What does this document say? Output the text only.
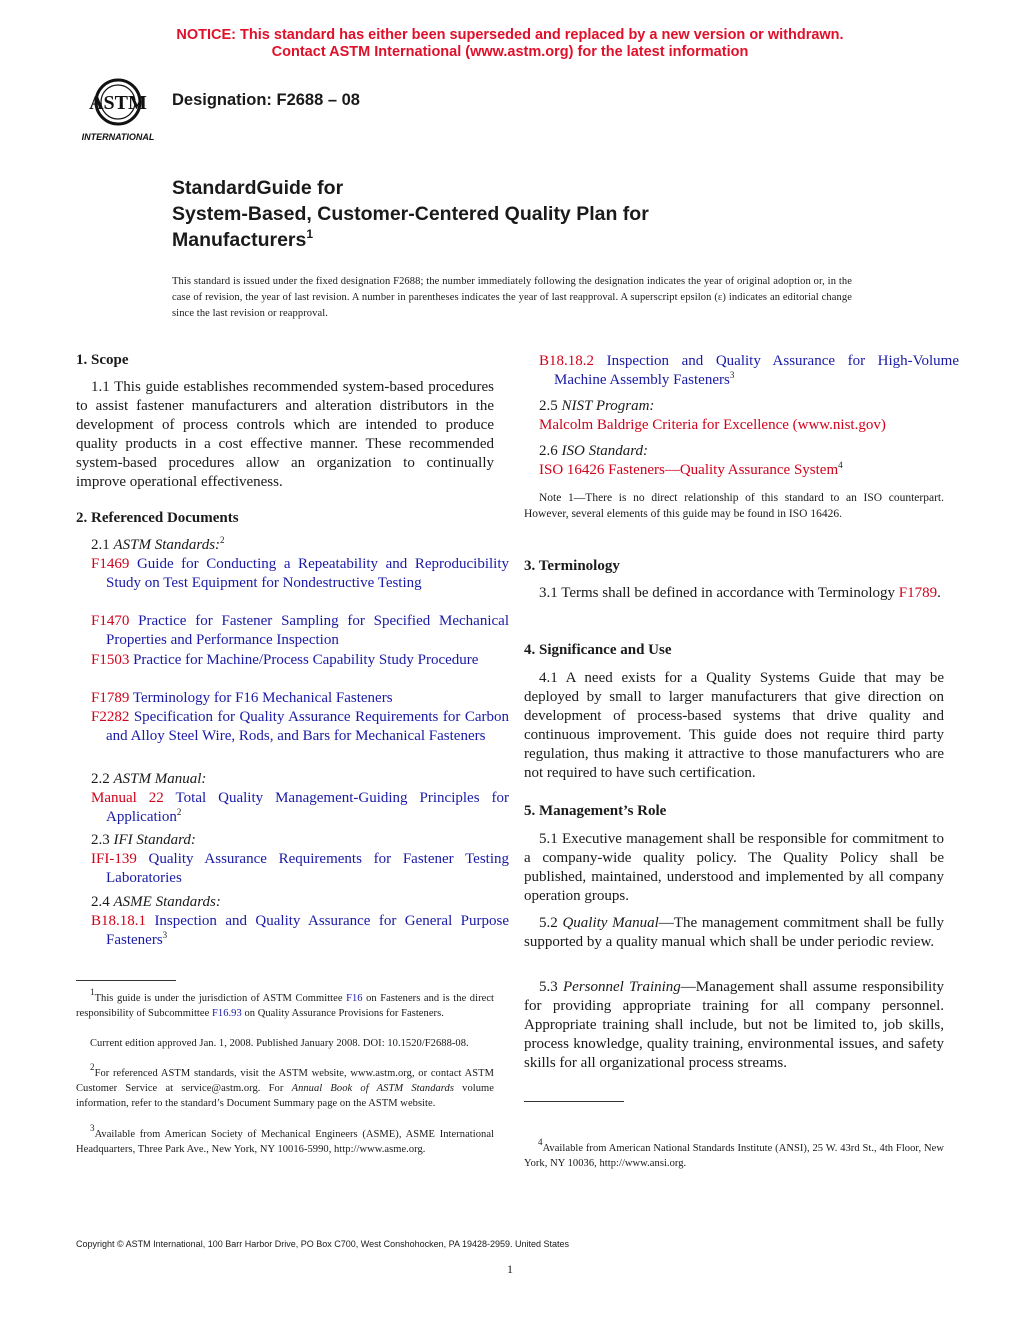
NOTICE: This standard has either been superseded and replaced by a new version or withdrawn.
Contact ASTM International (www.astm.org) for the latest information
ASTM
INTERNATIONAL
Designation: F2688 – 08
StandardGuide for
System-Based, Customer-Centered Quality Plan for
Manufacturers$^1$
This standard is issued under the fixed designation F2688; the number immediately following the designation indicates the year of original adoption or, in the case of revision, the year of last revision. A number in parentheses indicates the year of last reapproval. A superscript epsilon (ε) indicates an editorial change since the last revision or reapproval.
1. Scope
1.1 This guide establishes recommended system-based procedures to assist fastener manufacturers and alteration distributors in the development of process controls which are intended to produce quality products in a cost effective manner. These recommended system-based procedures allow an organization to continually improve operational effectiveness.
2. Referenced Documents
2.1 ASTM Standards:$^2$
F1469 Guide for Conducting a Repeatability and Reproducibility Study on Test Equipment for Nondestructive Testing
F1470 Practice for Fastener Sampling for Specified Mechanical Properties and Performance Inspection
F1503 Practice for Machine/Process Capability Study Procedure
F1789 Terminology for F16 Mechanical Fasteners
F2282 Specification for Quality Assurance Requirements for Carbon and Alloy Steel Wire, Rods, and Bars for Mechanical Fasteners
2.2 ASTM Manual:
Manual 22 Total Quality Management-Guiding Principles for Application$^2$
2.3 IFI Standard:
IFI-139 Quality Assurance Requirements for Fastener Testing Laboratories
2.4 ASME Standards:
B18.18.1 Inspection and Quality Assurance for General Purpose Fasteners$^3$
$^1$This guide is under the jurisdiction of ASTM Committee F16 on Fasteners and is the direct responsibility of Subcommittee F16.93 on Quality Assurance Provisions for Fasteners.
Current edition approved Jan. 1, 2008. Published January 2008. DOI: 10.1520/F2688-08.
$^2$For referenced ASTM standards, visit the ASTM website, www.astm.org, or contact ASTM Customer Service at service@astm.org. For Annual Book of ASTM Standards volume information, refer to the standard’s Document Summary page on the ASTM website.
$^3$Available from American Society of Mechanical Engineers (ASME), ASME International Headquarters, Three Park Ave., New York, NY 10016-5990, http://www.asme.org.
B18.18.2 Inspection and Quality Assurance for High-Volume Machine Assembly Fasteners$^3$
2.5 NIST Program:
Malcolm Baldrige Criteria for Excellence (www.nist.gov)
2.6 ISO Standard:
ISO 16426 Fasteners—Quality Assurance System$^4$
Note 1—There is no direct relationship of this standard to an ISO counterpart. However, several elements of this guide may be found in ISO 16426.
3. Terminology
3.1 Terms shall be defined in accordance with Terminology F1789.
4. Significance and Use
4.1 A need exists for a Quality Systems Guide that may be deployed by small to larger manufacturers that give direction on development of process-based systems that drive quality and continuous improvement. This guide does not require third party regulation, thus making it attractive to those manufacturers who are not required to have such certification.
5. Management’s Role
5.1 Executive management shall be responsible for commitment to a company-wide quality policy. The Quality Policy shall be published, maintained, understood and implemented by all company operation groups.
5.2 Quality Manual—The management commitment shall be fully supported by a quality manual which shall be under periodic review.
5.3 Personnel Training—Management shall assume responsibility for providing appropriate training for all company personnel. Appropriate training shall include, but not be limited to, job skills, process knowledge, quality training, environmental issues, and safety skills for all organizational process streams.
$^4$Available from American National Standards Institute (ANSI), 25 W. 43rd St., 4th Floor, New York, NY 10036, http://www.ansi.org.
Copyright © ASTM International, 100 Barr Harbor Drive, PO Box C700, West Conshohocken, PA 19428-2959. United States
1
